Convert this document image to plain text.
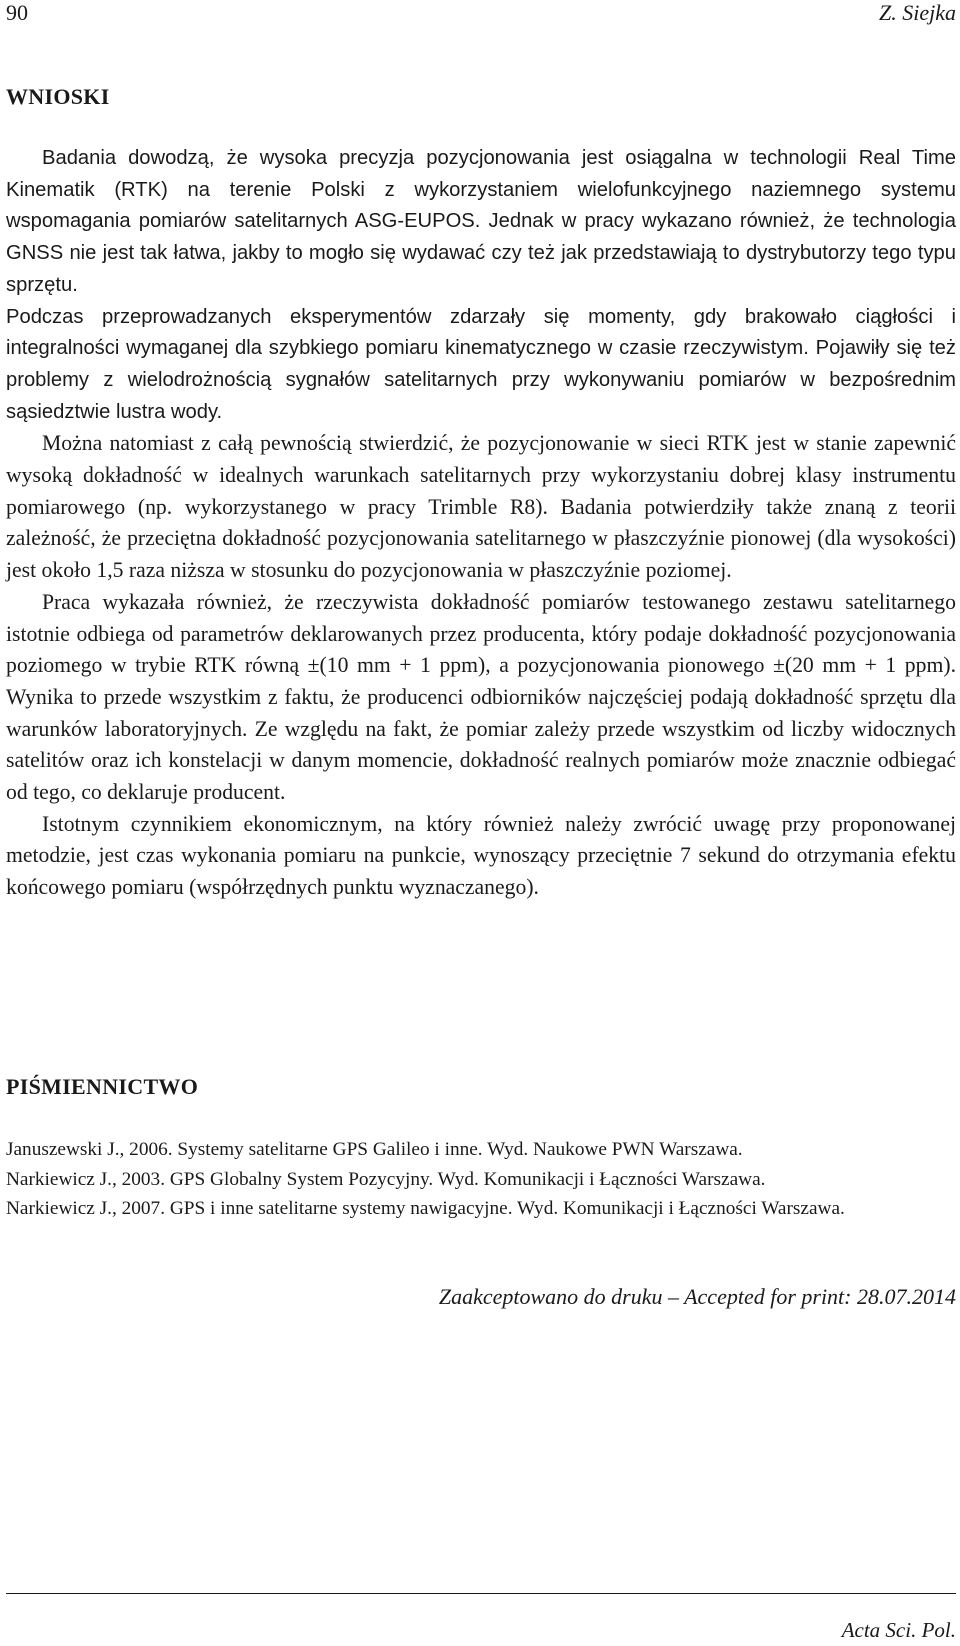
90	Z. Siejka
WNIOSKI

Badania dowodzą, że wysoka precyzja pozycjonowania jest osiągalna w technologii Real Time Kinematik (RTK) na terenie Polski z wykorzystaniem wielofunkcyjnego naziemnego systemu wspomagania pomiarów satelitarnych ASG-EUPOS. Jednak w pracy wykazano również, że technologia GNSS nie jest tak łatwa, jakby to mogło się wydawać czy też jak przedstawiają to dystrybutorzy tego typu sprzętu.

Podczas przeprowadzanych eksperymentów zdarzały się momenty, gdy brakowało ciągłości i integralności wymaganej dla szybkiego pomiaru kinematycznego w czasie rzeczywistym. Pojawiły się też problemy z wielodrożnością sygnałów satelitarnych przy wykonywaniu pomiarów w bezpośrednim sąsiedztwie lustra wody.

Można natomiast z całą pewnością stwierdzić, że pozycjonowanie w sieci RTK jest w stanie zapewnić wysoką dokładność w idealnych warunkach satelitarnych przy wykorzystaniu dobrej klasy instrumentu pomiarowego (np. wykorzystanego w pracy Trimble R8). Badania potwierdziły także znaną z teorii zależność, że przeciętna dokładność pozycjonowania satelitarnego w płaszczyźnie pionowej (dla wysokości) jest około 1,5 raza niższa w stosunku do pozycjonowania w płaszczyźnie poziomej.

Praca wykazała również, że rzeczywista dokładność pomiarów testowanego zestawu satelitarnego istotnie odbiega od parametrów deklarowanych przez producenta, który podaje dokładność pozycjonowania poziomego w trybie RTK równą ±(10 mm + 1 ppm), a pozycjonowania pionowego ±(20 mm + 1 ppm). Wynika to przede wszystkim z faktu, że producenci odbiorników najczęściej podają dokładność sprzętu dla warunków laboratoryjnych. Ze względu na fakt, że pomiar zależy przede wszystkim od liczby widocznych satelitów oraz ich konstelacji w danym momencie, dokładność realnych pomiarów może znacznie odbiegać od tego, co deklaruje producent.

Istotnym czynnikiem ekonomicznym, na który również należy zwrócić uwagę przy proponowanej metodzie, jest czas wykonania pomiaru na punkcie, wynoszący przeciętnie 7 sekund do otrzymania efektu końcowego pomiaru (współrzędnych punktu wyznaczanego).

PIŚMIENNICTWO

Januszewski J., 2006. Systemy satelitarne GPS Galileo i inne. Wyd. Naukowe PWN Warszawa.

Narkiewicz J., 2003. GPS Globalny System Pozycyjny. Wyd. Komunikacji i Łączności Warszawa.

Narkiewicz J., 2007. GPS i inne satelitarne systemy nawigacyjne. Wyd. Komunikacji i Łączności Warszawa.

Zaakceptowano do druku – Accepted for print: 28.07.2014
Acta Sci. Pol.
